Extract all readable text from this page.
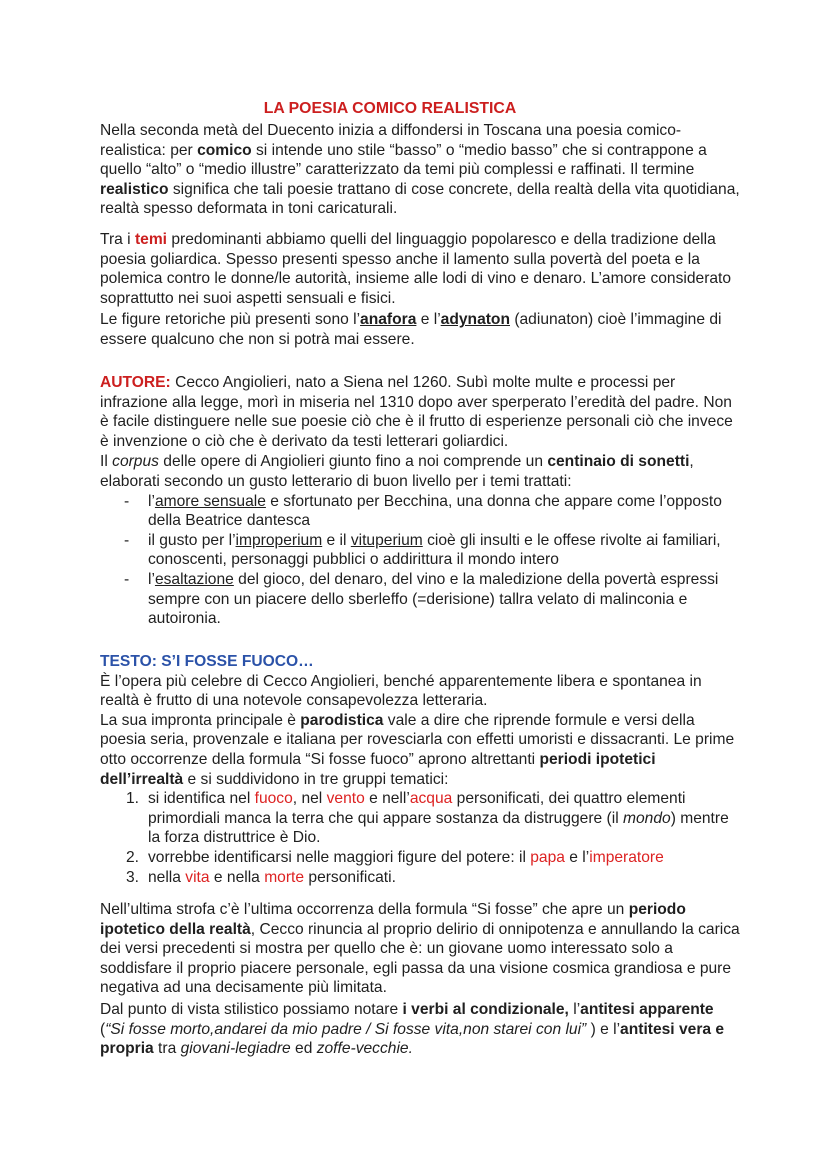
LA POESIA COMICO REALISTICA

Nella seconda metà del Duecento inizia a diffondersi in Toscana una poesia comico-realistica: per comico si intende uno stile “basso” o “medio basso” che si contrappone a quello “alto” o “medio illustre” caratterizzato da temi più complessi e raffinati. Il termine realistico significa che tali poesie trattano di cose concrete, della realtà della vita quotidiana, realtà spesso deformata in toni caricaturali.

Tra i temi predominanti abbiamo quelli del linguaggio popolaresco e della tradizione della poesia goliardica. Spesso presenti spesso anche il lamento sulla povertà del poeta e la polemica contro le donne/le autorità, insieme alle lodi di vino e denaro. L’amore considerato soprattutto nei suoi aspetti sensuali e fisici.

Le figure retoriche più presenti sono l’anafora e l’adynaton (adiunaton) cioè l’immagine di essere qualcuno che non si potrà mai essere.

AUTORE: Cecco Angiolieri, nato a Siena nel 1260. Subì molte multe e processi per infrazione alla legge, morì in miseria nel 1310 dopo aver sperperato l’eredità del padre. Non è facile distinguere nelle sue poesie ciò che è il frutto di esperienze personali ciò che invece è invenzione o ciò che è derivato da testi letterari goliardici.

Il corpus delle opere di Angiolieri giunto fino a noi comprende un centinaio di sonetti, elaborati secondo un gusto letterario di buon livello per i temi trattati:

- l’amore sensuale e sfortunato per Becchina, una donna che appare come l’opposto della Beatrice dantesca
- il gusto per l’improperium e il vituperium cioè gli insulti e le offese rivolte ai familiari, conoscenti, personaggi pubblici o addirittura il mondo intero
- l’esaltazione del gioco, del denaro, del vino e la maledizione della povertà espressi sempre con un piacere dello sberleffo (=derisione) tallra velato di malinconia e autoironia.

TESTO: S’I FOSSE FUOCO…

È l’opera più celebre di Cecco Angiolieri, benché apparentemente libera e spontanea in realtà è frutto di una notevole consapevolezza letteraria.

La sua impronta principale è parodistica vale a dire che riprende formule e versi della poesia seria, provenzale e italiana per rovesciarla con effetti umoristi e dissacranti. Le prime otto occorrenze della formula “Si fosse fuoco” aprono altrettanti periodi ipotetici dell’irrealtà e si suddividono in tre gruppi tematici:

1. si identifica nel fuoco, nel vento e nell’acqua personificati, dei quattro elementi primordiali manca la terra che qui appare sostanza da distruggere (il mondo) mentre la forza distruttrice è Dio.
2. vorrebbe identificarsi nelle maggiori figure del potere: il papa e l’imperatore
3. nella vita e nella morte personificati.

Nell’ultima strofa c’è l’ultima occorrenza della formula “Si fosse” che apre un periodo ipotetico della realtà, Cecco rinuncia al proprio delirio di onnipotenza e annullando la carica dei versi precedenti si mostra per quello che è: un giovane uomo interessato solo a soddisfare il proprio piacere personale, egli passa da una visione cosmica grandiosa e pure negativa ad una decisamente più limitata.

Dal punto di vista stilistico possiamo notare i verbi al condizionale, l’antitesi apparente (“Si fosse morto,andarei da mio padre / Si fosse vita,non starei con lui” ) e l’antitesi vera e propria tra giovani-legiadre ed zoffe-vecchie.
